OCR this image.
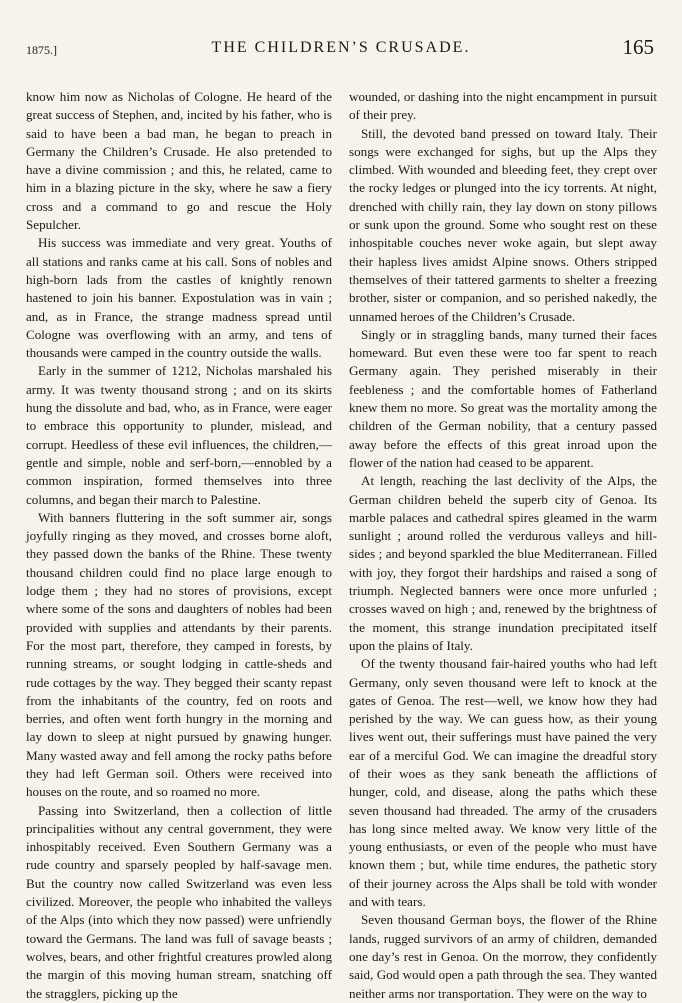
1875.]	THE CHILDREN’S CRUSADE.	165

know him now as Nicholas of Cologne. He heard of the great success of Stephen, and, incited by his father, who is said to have been a bad man, he began to preach in Germany the Children’s Crusade. He also pretended to have a divine commission ; and this, he related, came to him in a blazing picture in the sky, where he saw a fiery cross and a command to go and rescue the Holy Sepulcher.

His success was immediate and very great. Youths of all stations and ranks came at his call. Sons of nobles and high-born lads from the castles of knightly renown hastened to join his banner. Expostulation was in vain ; and, as in France, the strange madness spread until Cologne was overflowing with an army, and tens of thousands were camped in the country outside the walls.

Early in the summer of 1212, Nicholas marshaled his army. It was twenty thousand strong ; and on its skirts hung the dissolute and bad, who, as in France, were eager to embrace this opportunity to plunder, mislead, and corrupt. Heedless of these evil influences, the children,—gentle and simple, noble and serf-born,—ennobled by a common inspiration, formed themselves into three columns, and began their march to Palestine.

With banners fluttering in the soft summer air, songs joyfully ringing as they moved, and crosses borne aloft, they passed down the banks of the Rhine. These twenty thousand children could find no place large enough to lodge them ; they had no stores of provisions, except where some of the sons and daughters of nobles had been provided with supplies and attendants by their parents. For the most part, therefore, they camped in forests, by running streams, or sought lodging in cattle-sheds and rude cottages by the way. They begged their scanty repast from the inhabitants of the country, fed on roots and berries, and often went forth hungry in the morning and lay down to sleep at night pursued by gnawing hunger. Many wasted away and fell among the rocky paths before they had left German soil. Others were received into houses on the route, and so roamed no more.

Passing into Switzerland, then a collection of little principalities without any central government, they were inhospitably received. Even Southern Germany was a rude country and sparsely peopled by half-savage men. But the country now called Switzerland was even less civilized. Moreover, the people who inhabited the valleys of the Alps (into which they now passed) were unfriendly toward the Germans. The land was full of savage beasts ; wolves, bears, and other frightful creatures prowled along the margin of this moving human stream, snatching off the stragglers, picking up the

wounded, or dashing into the night encampment in pursuit of their prey.

Still, the devoted band pressed on toward Italy. Their songs were exchanged for sighs, but up the Alps they climbed. With wounded and bleeding feet, they crept over the rocky ledges or plunged into the icy torrents. At night, drenched with chilly rain, they lay down on stony pillows or sunk upon the ground. Some who sought rest on these inhospitable couches never woke again, but slept away their hapless lives amidst Alpine snows. Others stripped themselves of their tattered garments to shelter a freezing brother, sister or companion, and so perished nakedly, the unnamed heroes of the Children’s Crusade.

Singly or in straggling bands, many turned their faces homeward. But even these were too far spent to reach Germany again. They perished miserably in their feebleness ; and the comfortable homes of Fatherland knew them no more. So great was the mortality among the children of the German nobility, that a century passed away before the effects of this great inroad upon the flower of the nation had ceased to be apparent.

At length, reaching the last declivity of the Alps, the German children beheld the superb city of Genoa. Its marble palaces and cathedral spires gleamed in the warm sunlight ; around rolled the verdurous valleys and hill-sides ; and beyond sparkled the blue Mediterranean. Filled with joy, they forgot their hardships and raised a song of triumph. Neglected banners were once more unfurled ; crosses waved on high ; and, renewed by the brightness of the moment, this strange inundation precipitated itself upon the plains of Italy.

Of the twenty thousand fair-haired youths who had left Germany, only seven thousand were left to knock at the gates of Genoa. The rest—well, we know how they had perished by the way. We can guess how, as their young lives went out, their sufferings must have pained the very ear of a merciful God. We can imagine the dreadful story of their woes as they sank beneath the afflictions of hunger, cold, and disease, along the paths which these seven thousand had threaded. The army of the crusaders has long since melted away. We know very little of the young enthusiasts, or even of the people who must have known them ; but, while time endures, the pathetic story of their journey across the Alps shall be told with wonder and with tears.

Seven thousand German boys, the flower of the Rhine lands, rugged survivors of an army of children, demanded one day’s rest in Genoa. On the morrow, they confidently said, God would open a path through the sea. They wanted neither arms nor transportation. They were on the way to
